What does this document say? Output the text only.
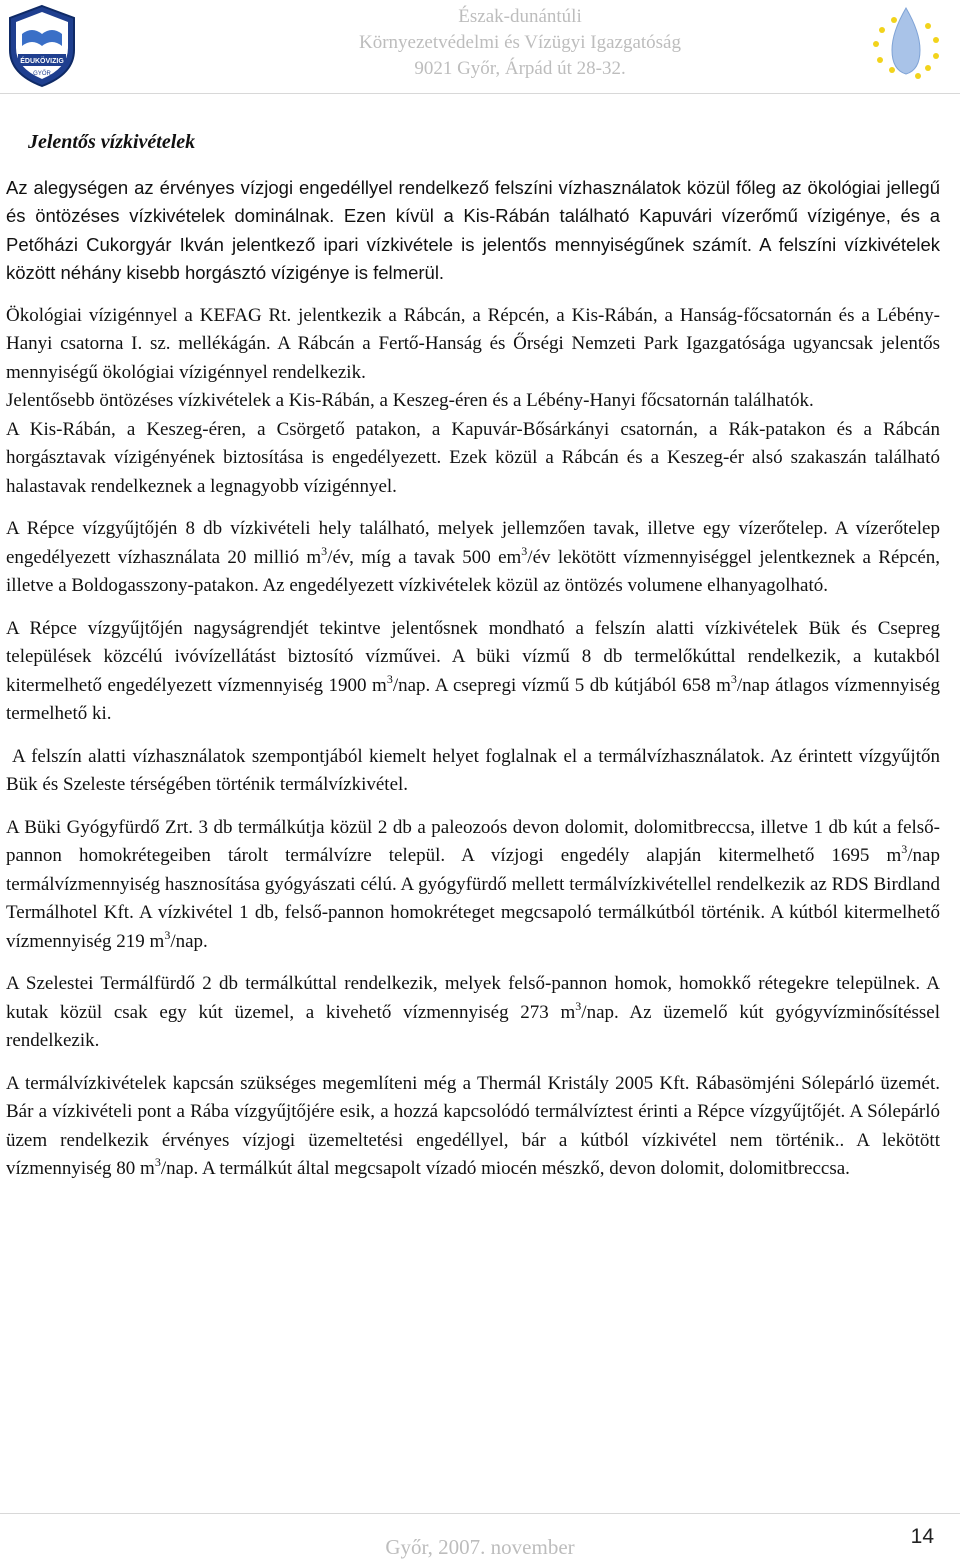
ÉDUKÖVIZIG
GYŐR
Észak-dunántúli
Környezetvédelmi és Vízügyi Igazgatóság
9021 Győr, Árpád út 28-32.
Jelentős vízkivételek

Az alegységen az érvényes vízjogi engedéllyel rendelkező felszíni vízhasználatok közül főleg az ökológiai jellegű és öntözéses vízkivételek dominálnak. Ezen kívül a Kis-Rábán található Kapuvári vízerőmű vízigénye, és a Petőházi Cukorgyár Ikván jelentkező ipari vízkivétele is jelentős mennyiségűnek számít. A felszíni vízkivételek között néhány kisebb horgásztó vízigénye is felmerül.

Ökológiai vízigénnyel a KEFAG Rt. jelentkezik a Rábcán, a Répcén, a Kis-Rábán, a Hanság-főcsatornán és a Lébény-Hanyi csatorna I. sz. mellékágán. A Rábcán a Fertő-Hanság és Őrségi Nemzeti Park Igazgatósága ugyancsak jelentős mennyiségű ökológiai vízigénnyel rendelkezik.

Jelentősebb öntözéses vízkivételek a Kis-Rábán, a Keszeg-éren és a Lébény-Hanyi főcsatornán találhatók.

A Kis-Rábán, a Keszeg-éren, a Csörgető patakon, a Kapuvár-Bősárkányi csatornán, a Rák-patakon és a Rábcán horgásztavak vízigényének biztosítása is engedélyezett. Ezek közül a Rábcán és a Keszeg-ér alsó szakaszán található halastavak rendelkeznek a legnagyobb vízigénnyel.

A Répce vízgyűjtőjén 8 db vízkivételi hely található, melyek jellemzően tavak, illetve egy vízerőtelep. A vízerőtelep engedélyezett vízhasználata 20 millió $m^3/év$, míg a tavak 500 $em^3/év$ lekötött vízmennyiséggel jelentkeznek a Répcén, illetve a Boldogasszony-patakon. Az engedélyezett vízkivételek közül az öntözés volumene elhanyagolható.

A Répce vízgyűjtőjén nagyságrendjét tekintve jelentősnek mondható a felszín alatti vízkivételek Bük és Csepreg települések közcélú ivóvízellátást biztosító vízművei. A büki vízmű 8 db termelőkúttal rendelkezik, a kutakból kitermelhető engedélyezett vízmennyiség 1900 $m^3$/nap. A csepregi vízmű 5 db kútjából 658 $m^3$/nap átlagos vízmennyiség termelhető ki.

A felszín alatti vízhasználatok szempontjából kiemelt helyet foglalnak el a termálvízhasználatok. Az érintett vízgyűjtőn Bük és Szeleste térségében történik termálvízkivétel.

A Büki Gyógyfürdő Zrt. 3 db termálkútja közül 2 db a paleozoós devon dolomit, dolomitbreccsa, illetve 1 db kút a felső-pannon homokrétegeiben tárolt termálvízre települ. A vízjogi engedély alapján kitermelhető 1695 $m^3$/nap termálvízmennyiség hasznosítása gyógyászati célú. A gyógyfürdő mellett termálvízkivétellel rendelkezik az RDS Birdland Termálhotel Kft. A vízkivétel 1 db, felső-pannon homokréteget megcsapoló termálkútból történik. A kútból kitermelhető vízmennyiség 219 $m^3$/nap.

A Szelestei Termálfürdő 2 db termálkúttal rendelkezik, melyek felső-pannon homok, homokkő rétegekre települnek. A kutak közül csak egy kút üzemel, a kivehető vízmennyiség 273 $m^3$/nap. Az üzemelő kút gyógyvízminősítéssel rendelkezik.

A termálvízkivételek kapcsán szükséges megemlíteni még a Thermál Kristály 2005 Kft. Rábasömjéni Sólepárló üzemét. Bár a vízkivételi pont a Rába vízgyűjtőjére esik, a hozzá kapcsolódó termálvíztest érinti a Répce vízgyűjtőjét. A Sólepárló üzem rendelkezik érvényes vízjogi üzemeltetési engedéllyel, bár a kútból vízkivétel nem történik.. A lekötött vízmennyiség 80 $m^3$/nap. A termálkút által megcsapolt vízadó miocén mészkő, devon dolomit, dolomitbreccsa.

Győr, 2007. november	14
